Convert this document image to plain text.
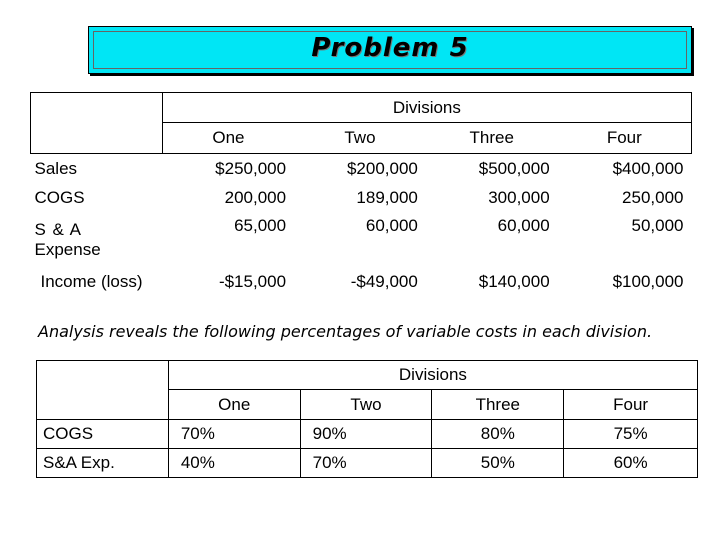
Problem 5
	Divisions			
	One	Two	Three	Four
Sales	$250,000	$200,000	$500,000	$400,000
COGS	200,000	189,000	300,000	250,000

S & A
Expense	65,000	60,000	60,000	50,000
Income (loss)	-$15,000	-$49,000	$140,000	$100,000
Analysis reveals the following percentages of variable costs in each division.
	Divisions			
	One	Two	Three	Four
COGS	70%	90%	80%	75%
S&A Exp.	40%	70%	50%	60%
